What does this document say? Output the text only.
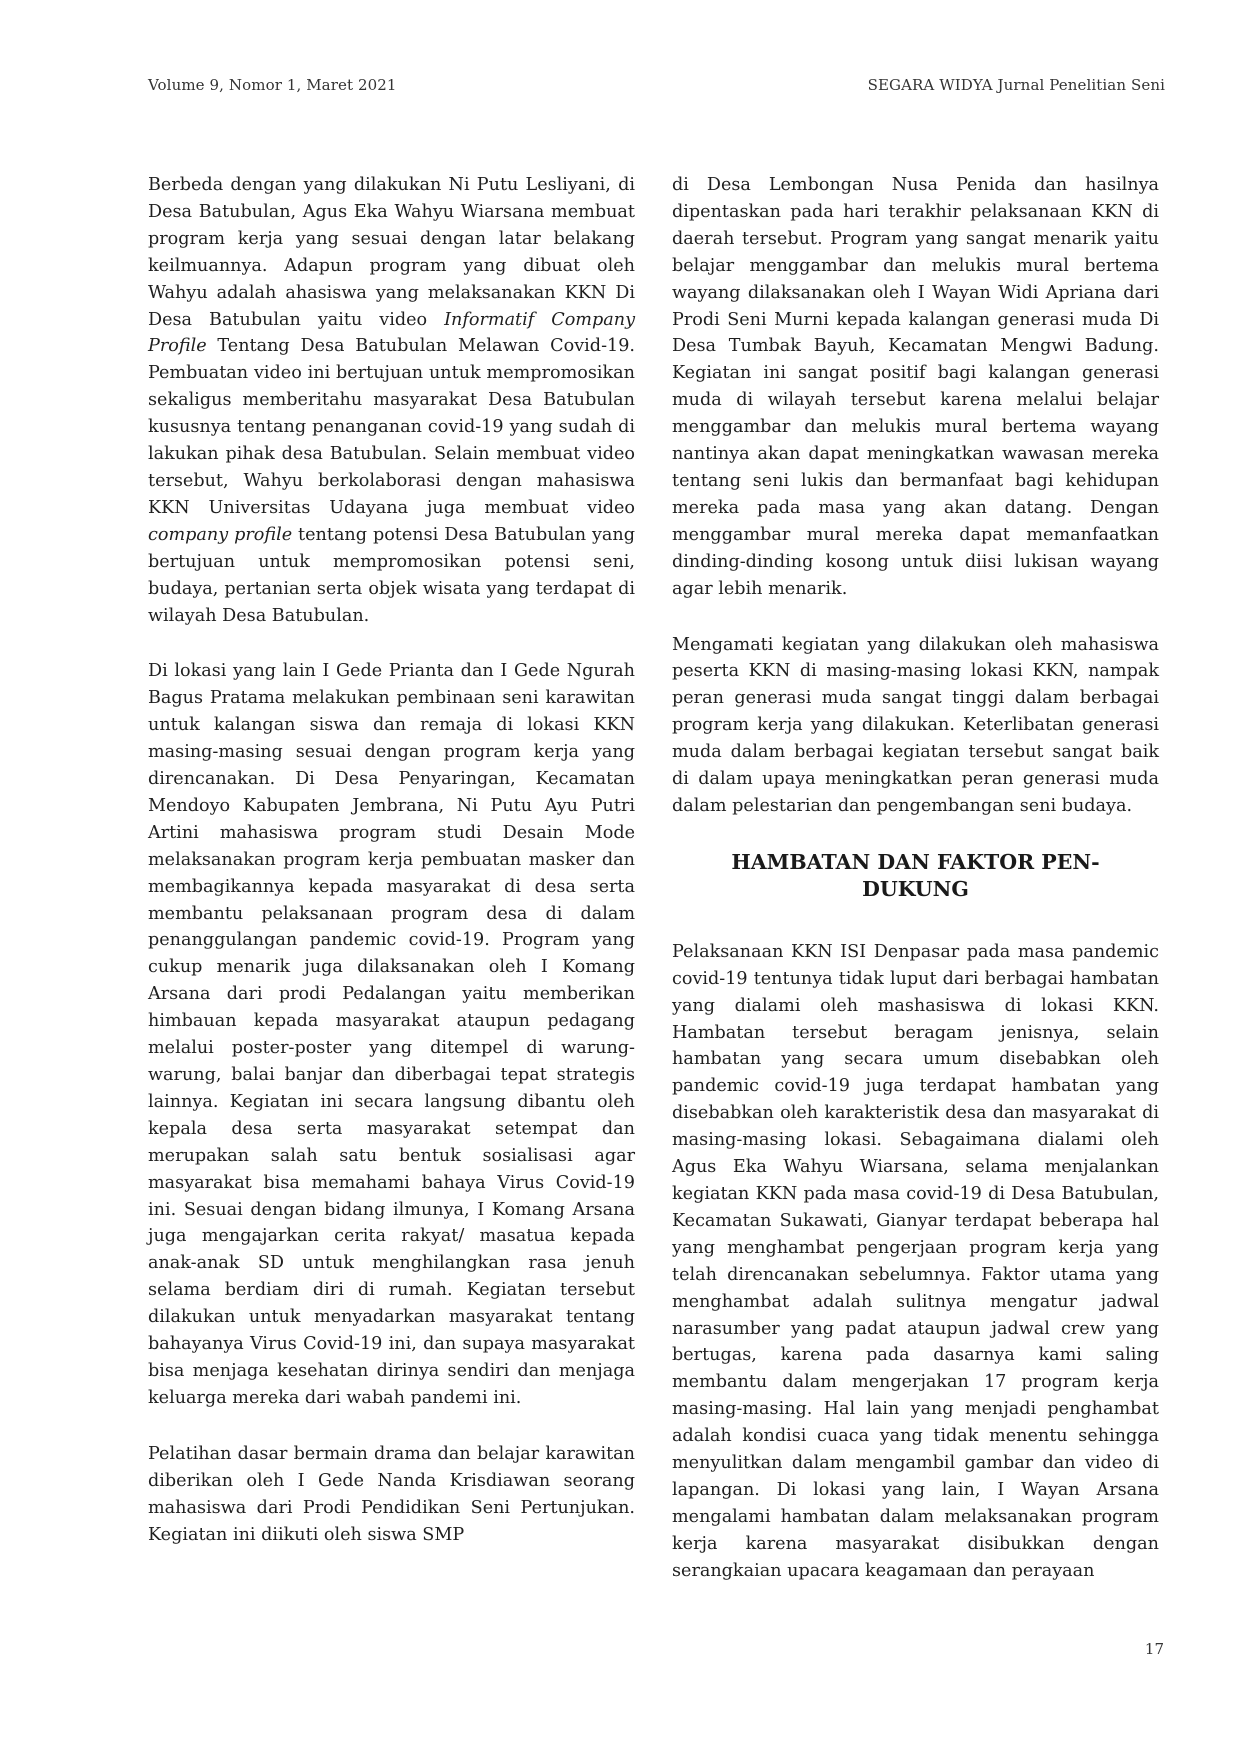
Volume 9, Nomor 1, Maret 2021	SEGARA WIDYA Jurnal Penelitian Seni

Berbeda dengan yang dilakukan Ni Putu Lesliyani, di Desa Batubulan, Agus Eka Wahyu Wiarsana membuat program kerja yang sesuai dengan latar belakang keilmuannya. Adapun program yang dibuat oleh Wahyu adalah ahasiswa yang melaksanakan KKN Di Desa Batubulan yaitu video Informatif Company Profile Tentang Desa Batubulan Melawan Covid-19. Pembuatan video ini bertujuan untuk mempromosikan sekaligus memberitahu masyarakat Desa Batubulan kususnya tentang penanganan covid-19 yang sudah di lakukan pihak desa Batubulan. Selain membuat video tersebut, Wahyu berkolaborasi dengan mahasiswa KKN Universitas Udayana juga membuat video company profile tentang potensi Desa Batubulan yang bertujuan untuk mempromosikan potensi seni, budaya, pertanian serta objek wisata yang terdapat di wilayah Desa Batubulan.

Di lokasi yang lain I Gede Prianta dan I Gede Ngurah Bagus Pratama melakukan pembinaan seni karawitan untuk kalangan siswa dan remaja di lokasi KKN masing-masing sesuai dengan program kerja yang direncanakan. Di Desa Penyaringan, Kecamatan Mendoyo Kabupaten Jembrana, Ni Putu Ayu Putri Artini mahasiswa program studi Desain Mode melaksanakan program kerja pembuatan masker dan membagikannya kepada masyarakat di desa serta membantu pelaksanaan program desa di dalam penanggulangan pandemic covid-19. Program yang cukup menarik juga dilaksanakan oleh I Komang Arsana dari prodi Pedalangan yaitu memberikan himbauan kepada masyarakat ataupun pedagang melalui poster-poster yang ditempel di warung-warung, balai banjar dan diberbagai tepat strategis lainnya. Kegiatan ini secara langsung dibantu oleh kepala desa serta masyarakat setempat dan merupakan salah satu bentuk sosialisasi agar masyarakat bisa memahami bahaya Virus Covid-19 ini. Sesuai dengan bidang ilmunya, I Komang Arsana juga mengajarkan cerita rakyat/ masatua kepada anak-anak SD untuk menghilangkan rasa jenuh selama berdiam diri di rumah. Kegiatan tersebut dilakukan untuk menyadarkan masyarakat tentang bahayanya Virus Covid-19 ini, dan supaya masyarakat bisa menjaga kesehatan dirinya sendiri dan menjaga keluarga mereka dari wabah pandemi ini.

Pelatihan dasar bermain drama dan belajar karawitan diberikan oleh I Gede Nanda Krisdiawan seorang mahasiswa dari Prodi Pendidikan Seni Pertunjukan. Kegiatan ini diikuti oleh siswa SMP

di Desa Lembongan Nusa Penida dan hasilnya dipentaskan pada hari terakhir pelaksanaan KKN di daerah tersebut. Program yang sangat menarik yaitu belajar menggambar dan melukis mural bertema wayang dilaksanakan oleh I Wayan Widi Apriana dari Prodi Seni Murni kepada kalangan generasi muda Di Desa Tumbak Bayuh, Kecamatan Mengwi Badung. Kegiatan ini sangat positif bagi kalangan generasi muda di wilayah tersebut karena melalui belajar menggambar dan melukis mural bertema wayang nantinya akan dapat meningkatkan wawasan mereka tentang seni lukis dan bermanfaat bagi kehidupan mereka pada masa yang akan datang. Dengan menggambar mural mereka dapat memanfaatkan dinding-dinding kosong untuk diisi lukisan wayang agar lebih menarik.

Mengamati kegiatan yang dilakukan oleh mahasiswa peserta KKN di masing-masing lokasi KKN, nampak peran generasi muda sangat tinggi dalam berbagai program kerja yang dilakukan. Keterlibatan generasi muda dalam berbagai kegiatan tersebut sangat baik di dalam upaya meningkatkan peran generasi muda dalam pelestarian dan pengembangan seni budaya.

HAMBATAN DAN FAKTOR PEN-DUKUNG

Pelaksanaan KKN ISI Denpasar pada masa pandemic covid-19 tentunya tidak luput dari berbagai hambatan yang dialami oleh mashasiswa di lokasi KKN. Hambatan tersebut beragam jenisnya, selain hambatan yang secara umum disebabkan oleh pandemic covid-19 juga terdapat hambatan yang disebabkan oleh karakteristik desa dan masyarakat di masing-masing lokasi. Sebagaimana dialami oleh Agus Eka Wahyu Wiarsana, selama menjalankan kegiatan KKN pada masa covid-19 di Desa Batubulan, Kecamatan Sukawati, Gianyar terdapat beberapa hal yang menghambat pengerjaan program kerja yang telah direncanakan sebelumnya. Faktor utama yang menghambat adalah sulitnya mengatur jadwal narasumber yang padat ataupun jadwal crew yang bertugas, karena pada dasarnya kami saling membantu dalam mengerjakan 17 program kerja masing-masing. Hal lain yang menjadi penghambat adalah kondisi cuaca yang tidak menentu sehingga menyulitkan dalam mengambil gambar dan video di lapangan. Di lokasi yang lain, I Wayan Arsana mengalami hambatan dalam melaksanakan program kerja karena masyarakat disibukkan dengan serangkaian upacara keagamaan dan perayaan

17
